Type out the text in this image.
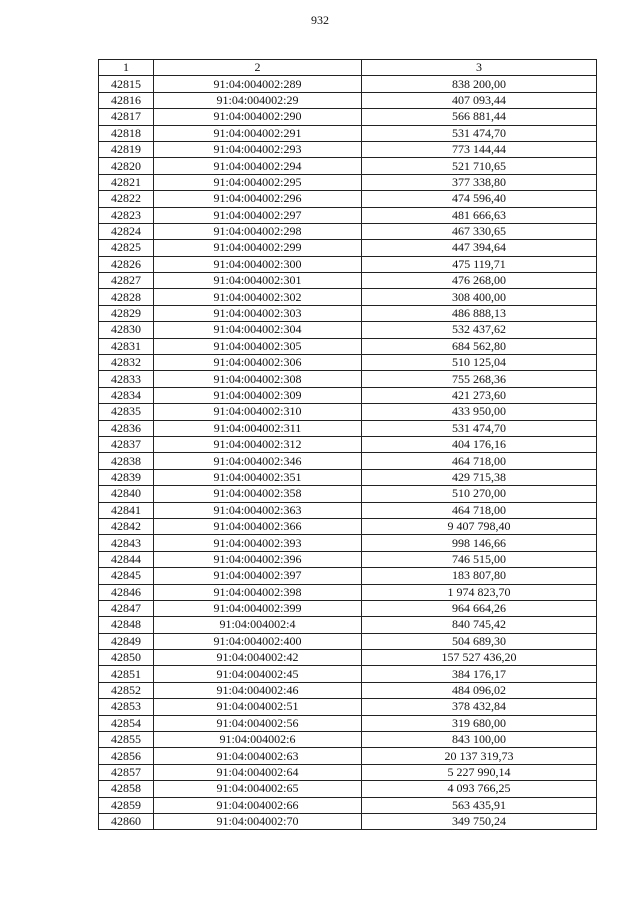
932
1	2	3
42815	91:04:004002:289	838 200,00
42816	91:04:004002:29	407 093,44
42817	91:04:004002:290	566 881,44
42818	91:04:004002:291	531 474,70
42819	91:04:004002:293	773 144,44
42820	91:04:004002:294	521 710,65
42821	91:04:004002:295	377 338,80
42822	91:04:004002:296	474 596,40
42823	91:04:004002:297	481 666,63
42824	91:04:004002:298	467 330,65
42825	91:04:004002:299	447 394,64
42826	91:04:004002:300	475 119,71
42827	91:04:004002:301	476 268,00
42828	91:04:004002:302	308 400,00
42829	91:04:004002:303	486 888,13
42830	91:04:004002:304	532 437,62
42831	91:04:004002:305	684 562,80
42832	91:04:004002:306	510 125,04
42833	91:04:004002:308	755 268,36
42834	91:04:004002:309	421 273,60
42835	91:04:004002:310	433 950,00
42836	91:04:004002:311	531 474,70
42837	91:04:004002:312	404 176,16
42838	91:04:004002:346	464 718,00
42839	91:04:004002:351	429 715,38
42840	91:04:004002:358	510 270,00
42841	91:04:004002:363	464 718,00
42842	91:04:004002:366	9 407 798,40
42843	91:04:004002:393	998 146,66
42844	91:04:004002:396	746 515,00
42845	91:04:004002:397	183 807,80
42846	91:04:004002:398	1 974 823,70
42847	91:04:004002:399	964 664,26
42848	91:04:004002:4	840 745,42
42849	91:04:004002:400	504 689,30
42850	91:04:004002:42	157 527 436,20
42851	91:04:004002:45	384 176,17
42852	91:04:004002:46	484 096,02
42853	91:04:004002:51	378 432,84
42854	91:04:004002:56	319 680,00
42855	91:04:004002:6	843 100,00
42856	91:04:004002:63	20 137 319,73
42857	91:04:004002:64	5 227 990,14
42858	91:04:004002:65	4 093 766,25
42859	91:04:004002:66	563 435,91
42860	91:04:004002:70	349 750,24
